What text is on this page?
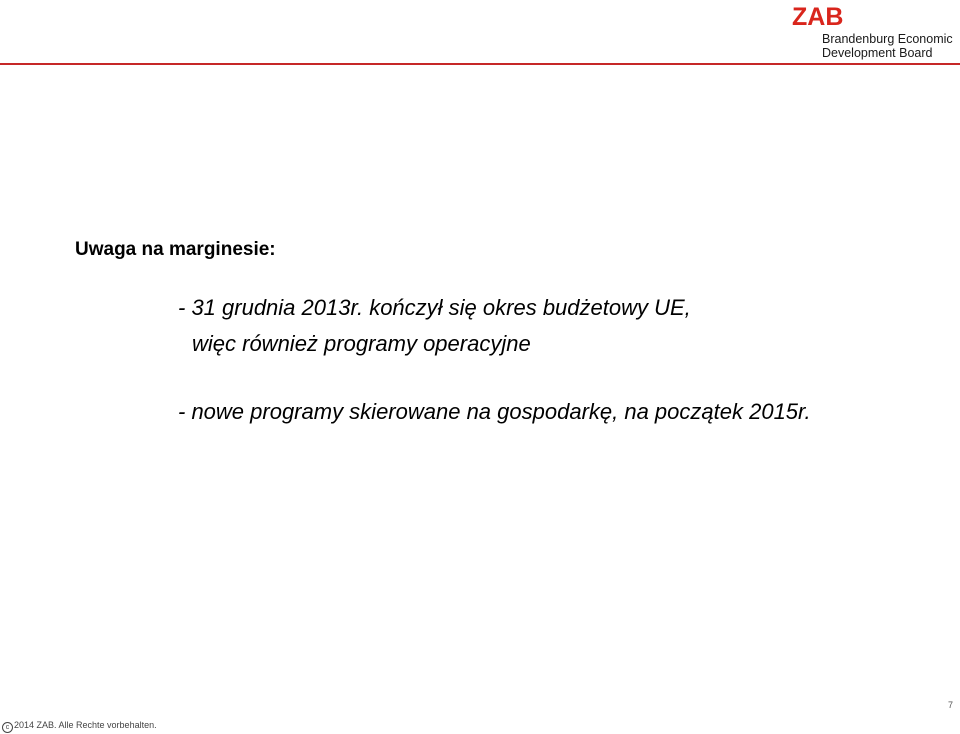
ZAB
Brandenburg Economic
Development Board
Uwaga na marginesie:
- 31 grudnia 2013r. kończył się okres budżetowy UE,
więc również programy operacyjne
- nowe programy skierowane na gospodarkę, na początek 2015r.
7
c 2014 ZAB. Alle Rechte vorbehalten.
